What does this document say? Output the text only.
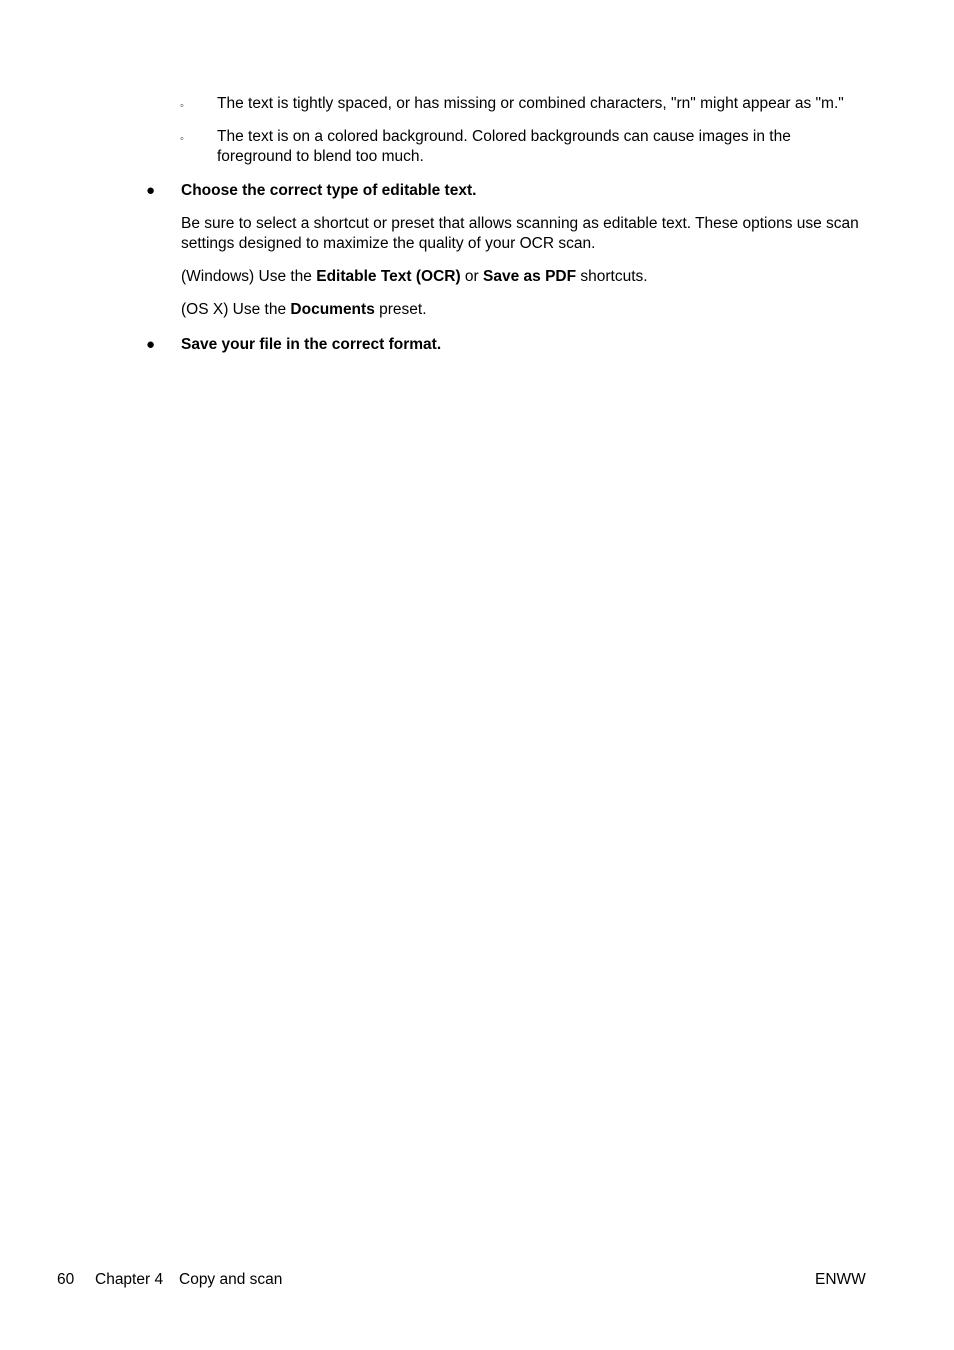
◦ The text is tightly spaced, or has missing or combined characters, "rn" might appear as "m."
◦ The text is on a colored background. Colored backgrounds can cause images in the foreground to blend too much.
● Choose the correct type of editable text.
Be sure to select a shortcut or preset that allows scanning as editable text. These options use scan settings designed to maximize the quality of your OCR scan.
(Windows) Use the Editable Text (OCR) or Save as PDF shortcuts.
(OS X) Use the Documents preset.
● Save your file in the correct format.
60 Chapter 4 Copy and scan	ENWW
